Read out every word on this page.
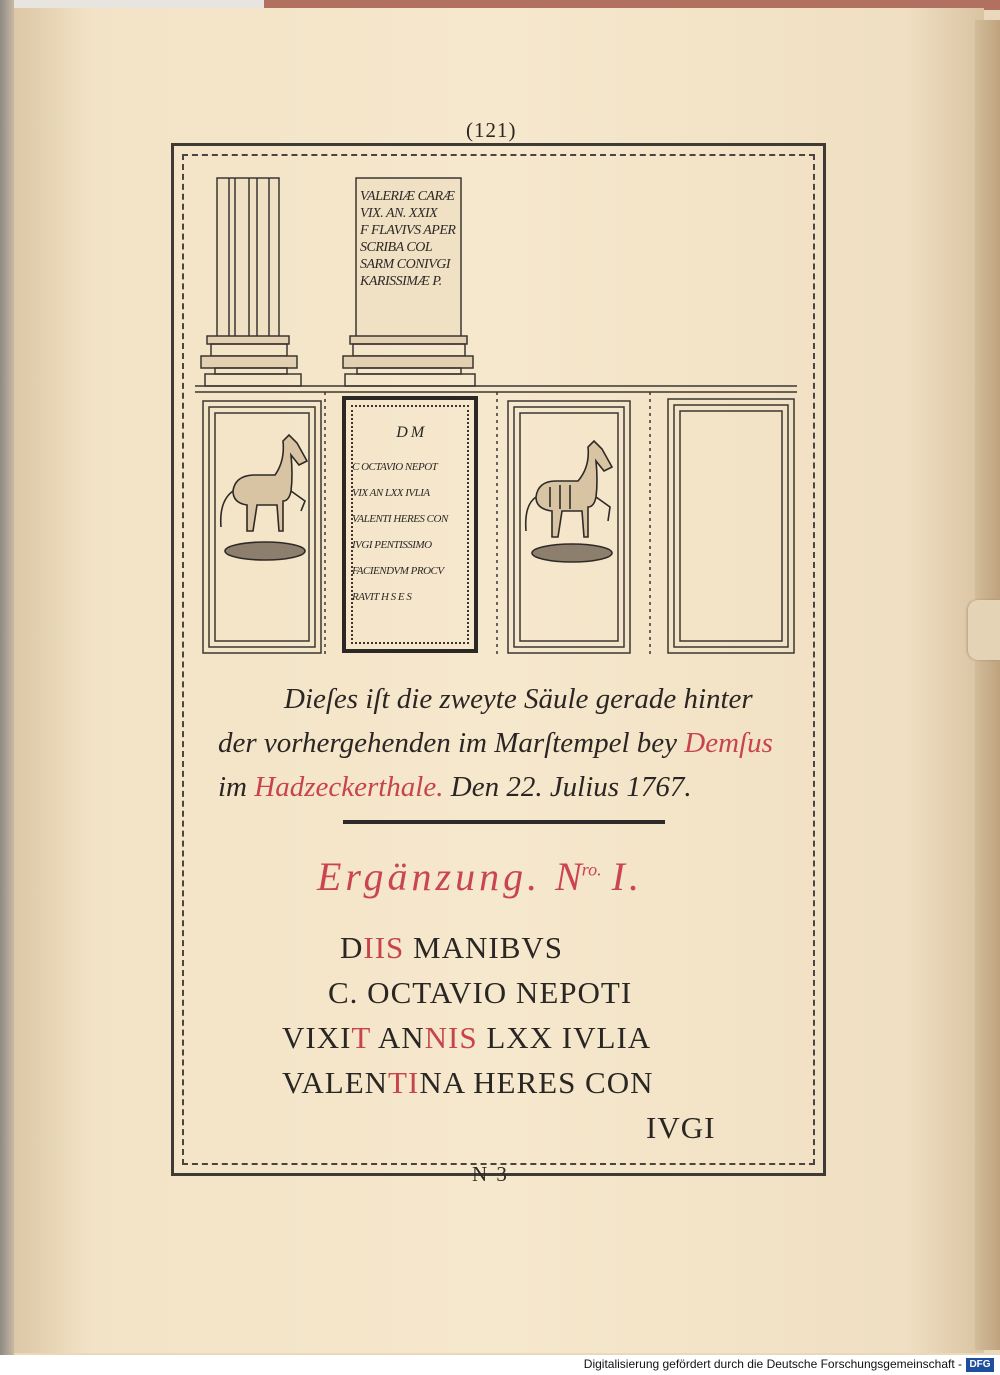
(121)
VALERIÆ CARÆ
VIX. AN. XXIX
F FLAVIVS APER
SCRIBA COL
SARM CONIVGI
KARISSIMÆ P.
D M
C OCTAVIO NEPOT
VIX AN LXX IVLIA
VALENTI HERES CON
IVGI PENTISSIMO
FACIENDVM PROCV
RAVIT H S E S
Dieſes iſt die zweyte Säule gerade hinter
der vorhergehenden im Marſtempel bey Demſus
im Hadzeckerthale. Den 22. Julius 1767.
Ergänzung. $N^{ro.}$ I.
DIIS MANIBVS
C. OCTAVIO NEPOTI
VIXIT ANNIS LXX IVLIA
VALENTINA HERES CON
IVGI
N 3
Digitalisierung gefördert durch die Deutsche Forschungsgemeinschaft - DFG
